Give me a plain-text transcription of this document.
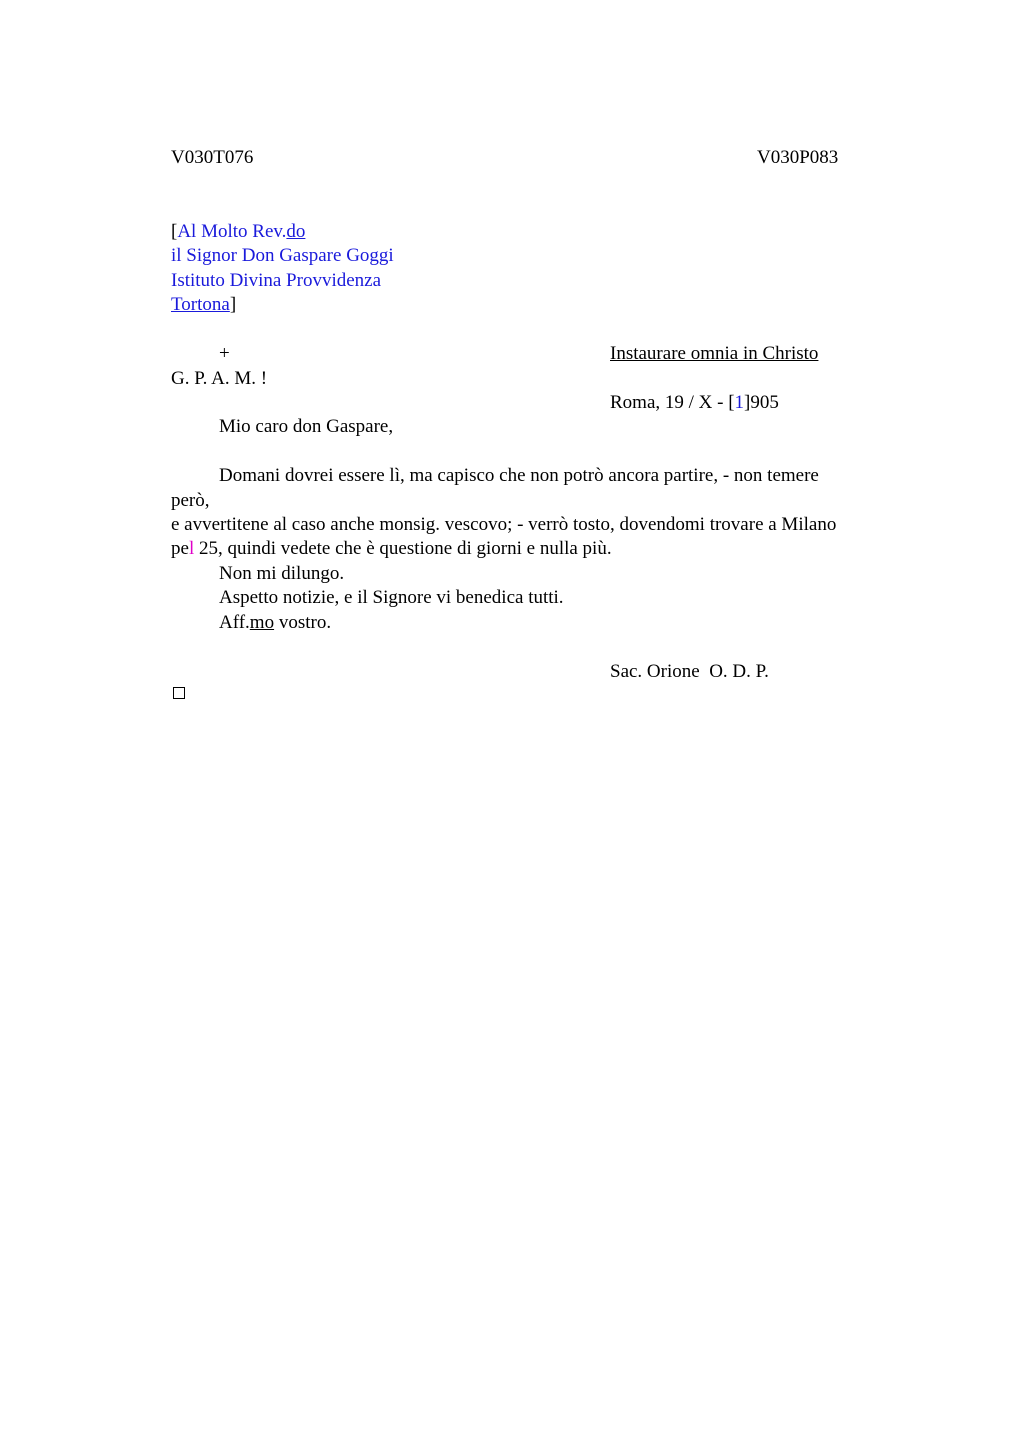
V030T076	V030P083
[Al Molto Rev.do
il Signor Don Gaspare Goggi
Istituto Divina Provvidenza
Tortona]
+	Instaurare omnia in Christo
G. P. A. M. !
Roma, 19 / X - [1]905
Mio caro don Gaspare,
Domani dovrei essere lì, ma capisco che non potrò ancora partire, - non temere
però,
e avvertitene al caso anche monsig. vescovo; - verrò tosto, dovendomi trovare a Milano
pel 25, quindi vedete che è questione di giorni e nulla più.
Non mi dilungo.
Aspetto notizie, e il Signore vi benedica tutti.
Aff.mo vostro.
Sac. Orione  O. D. P.
